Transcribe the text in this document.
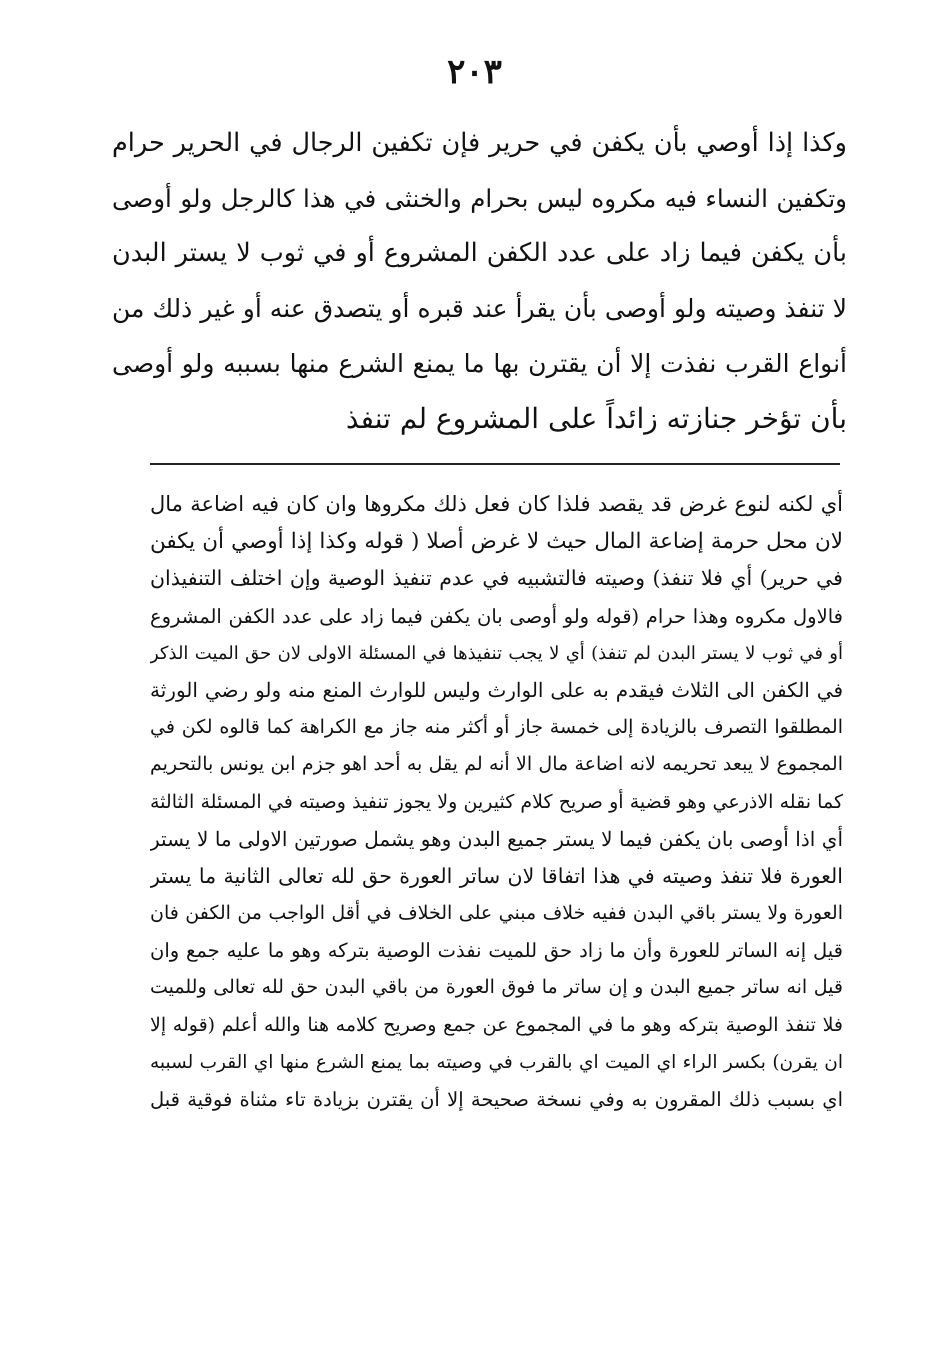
٢٠٣
وكذا إذا أوصي بأن يكفن في حرير فإن تكفين الرجال في الحرير حرام
وتكفين النساء فيه مكروه ليس بحرام والخنثى في هذا كالرجل ولو أوصى
بأن يكفن فيما زاد على عدد الكفن المشروع أو في ثوب لا يستر البدن
لا تنفذ وصيته ولو أوصى بأن يقرأ عند قبره أو يتصدق عنه أو غير ذلك من
أنواع القرب نفذت إلا أن يقترن بها ما يمنع الشرع منها بسببه ولو أوصى
بأن تؤخر جنازته زائداً على المشروع لم تنفذ
أي لكنه لنوع غرض قد يقصد فلذا كان فعل ذلك مكروها وان كان فيه اضاعة مال
لان محل حرمة إضاعة المال حيث لا غرض أصلا ( قوله وكذا إذا أوصي أن يكفن
في حرير) أي فلا تنفذ) وصيته فالتشبيه في عدم تنفيذ الوصية وإن اختلف التنفيذان
فالاول مكروه وهذا حرام (قوله ولو أوصى بان يكفن فيما زاد على عدد الكفن المشروع
أو في ثوب لا يستر البدن لم تنفذ) أي لا يجب تنفيذها في المسئلة الاولى لان حق الميت الذكر
في الكفن الى الثلاث فيقدم به على الوارث وليس للوارث المنع منه ولو رضي الورثة
المطلقوا التصرف بالزيادة إلى خمسة جاز أو أكثر منه جاز مع الكراهة كما قالوه لكن في
المجموع لا يبعد تحريمه لانه اضاعة مال الا أنه لم يقل به أحد اهو جزم ابن يونس بالتحريم
كما نقله الاذرعي وهو قضية أو صريح كلام كثيرين ولا يجوز تنفيذ وصيته في المسئلة الثالثة
أي اذا أوصى بان يكفن فيما لا يستر جميع البدن وهو يشمل صورتين الاولى ما لا يستر
العورة فلا تنفذ وصيته في هذا اتفاقا لان ساتر العورة حق لله تعالى الثانية ما يستر
العورة ولا يستر باقي البدن ففيه خلاف مبني على الخلاف في أقل الواجب من الكفن فان
قيل إنه الساتر للعورة وأن ما زاد حق للميت نفذت الوصية بتركه وهو ما عليه جمع وان
قيل انه ساتر جميع البدن و إن ساتر ما فوق العورة من باقي البدن حق لله تعالى وللميت
فلا تنفذ الوصية بتركه وهو ما في المجموع عن جمع وصريح كلامه هنا والله أعلم (قوله إلا
ان يقرن) بكسر الراء اي الميت اي بالقرب في وصيته بما يمنع الشرع منها اي القرب لسببه
اي بسبب ذلك المقرون به وفي نسخة صحيحة إلا أن يقترن بزيادة تاء مثناة فوقية قبل
